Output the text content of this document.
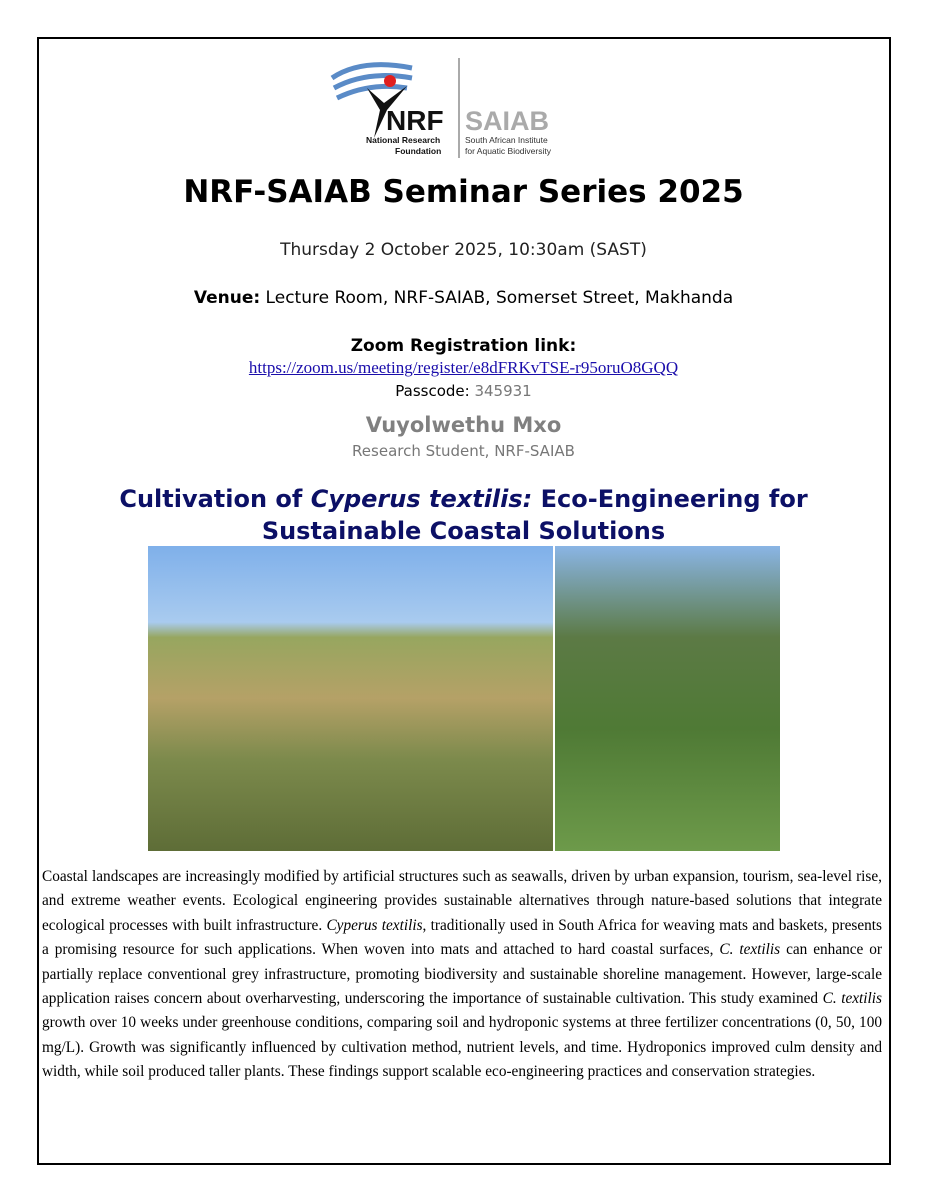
NRF
National Research
Foundation
SAIAB
South African Institute
for Aquatic Biodiversity
NRF-SAIAB Seminar Series 2025
Thursday 2 October 2025, 10:30am (SAST)
Venue: Lecture Room, NRF-SAIAB, Somerset Street, Makhanda
Zoom Registration link:
https://zoom.us/meeting/register/e8dFRKvTSE-r95oruO8GQQ
Passcode: 345931
Vuyolwethu Mxo
Research Student, NRF-SAIAB
Cultivation of Cyperus textilis: Eco-Engineering for
Sustainable Coastal Solutions
Coastal landscapes are increasingly modified by artificial structures such as seawalls, driven by urban expansion, tourism, sea-level rise, and extreme weather events. Ecological engineering provides sustainable alternatives through nature-based solutions that integrate ecological processes with built infrastructure. Cyperus textilis, traditionally used in South Africa for weaving mats and baskets, presents a promising resource for such applications. When woven into mats and attached to hard coastal surfaces, C. textilis can enhance or partially replace conventional grey infrastructure, promoting biodiversity and sustainable shoreline management. However, large-scale application raises concern about overharvesting, underscoring the importance of sustainable cultivation. This study examined C. textilis growth over 10 weeks under greenhouse conditions, comparing soil and hydroponic systems at three fertilizer concentrations (0, 50, 100 mg/L). Growth was significantly influenced by cultivation method, nutrient levels, and time. Hydroponics improved culm density and width, while soil produced taller plants. These findings support scalable eco-engineering practices and conservation strategies.
